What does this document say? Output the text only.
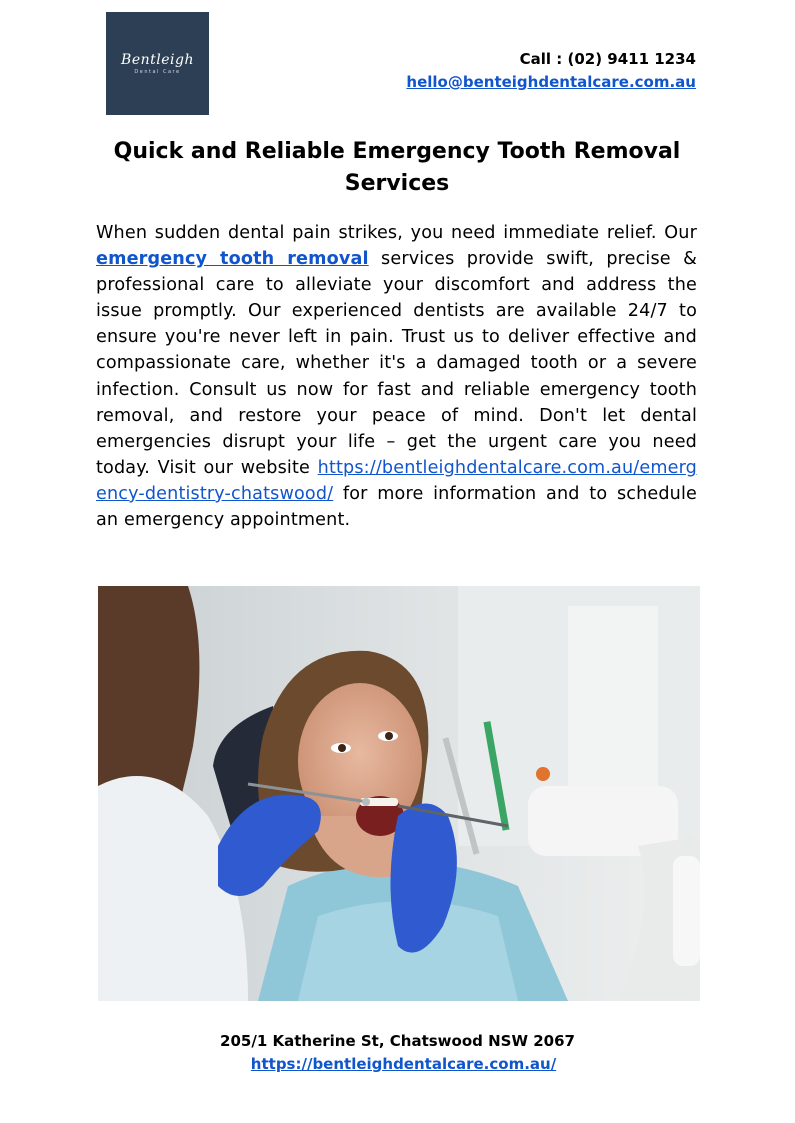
Bentleigh
Dental Care
Call : (02) 9411 1234
hello@benteighdentalcare.com.au
Quick and Reliable Emergency Tooth Removal Services

When sudden dental pain strikes, you need immediate relief. Our emergency tooth removal services provide swift, precise & professional care to alleviate your discomfort and address the issue promptly. Our experienced dentists are available 24/7 to ensure you're never left in pain. Trust us to deliver effective and compassionate care, whether it's a damaged tooth or a severe infection. Consult us now for fast and reliable emergency tooth removal, and restore your peace of mind. Don't let dental emergencies disrupt your life – get the urgent care you need today. Visit our website https://bentleighdentalcare.com.au/emergency-dentistry-chatswood/ for more information and to schedule an emergency appointment.

205/1 Katherine St, Chatswood NSW 2067
https://bentleighdentalcare.com.au/
